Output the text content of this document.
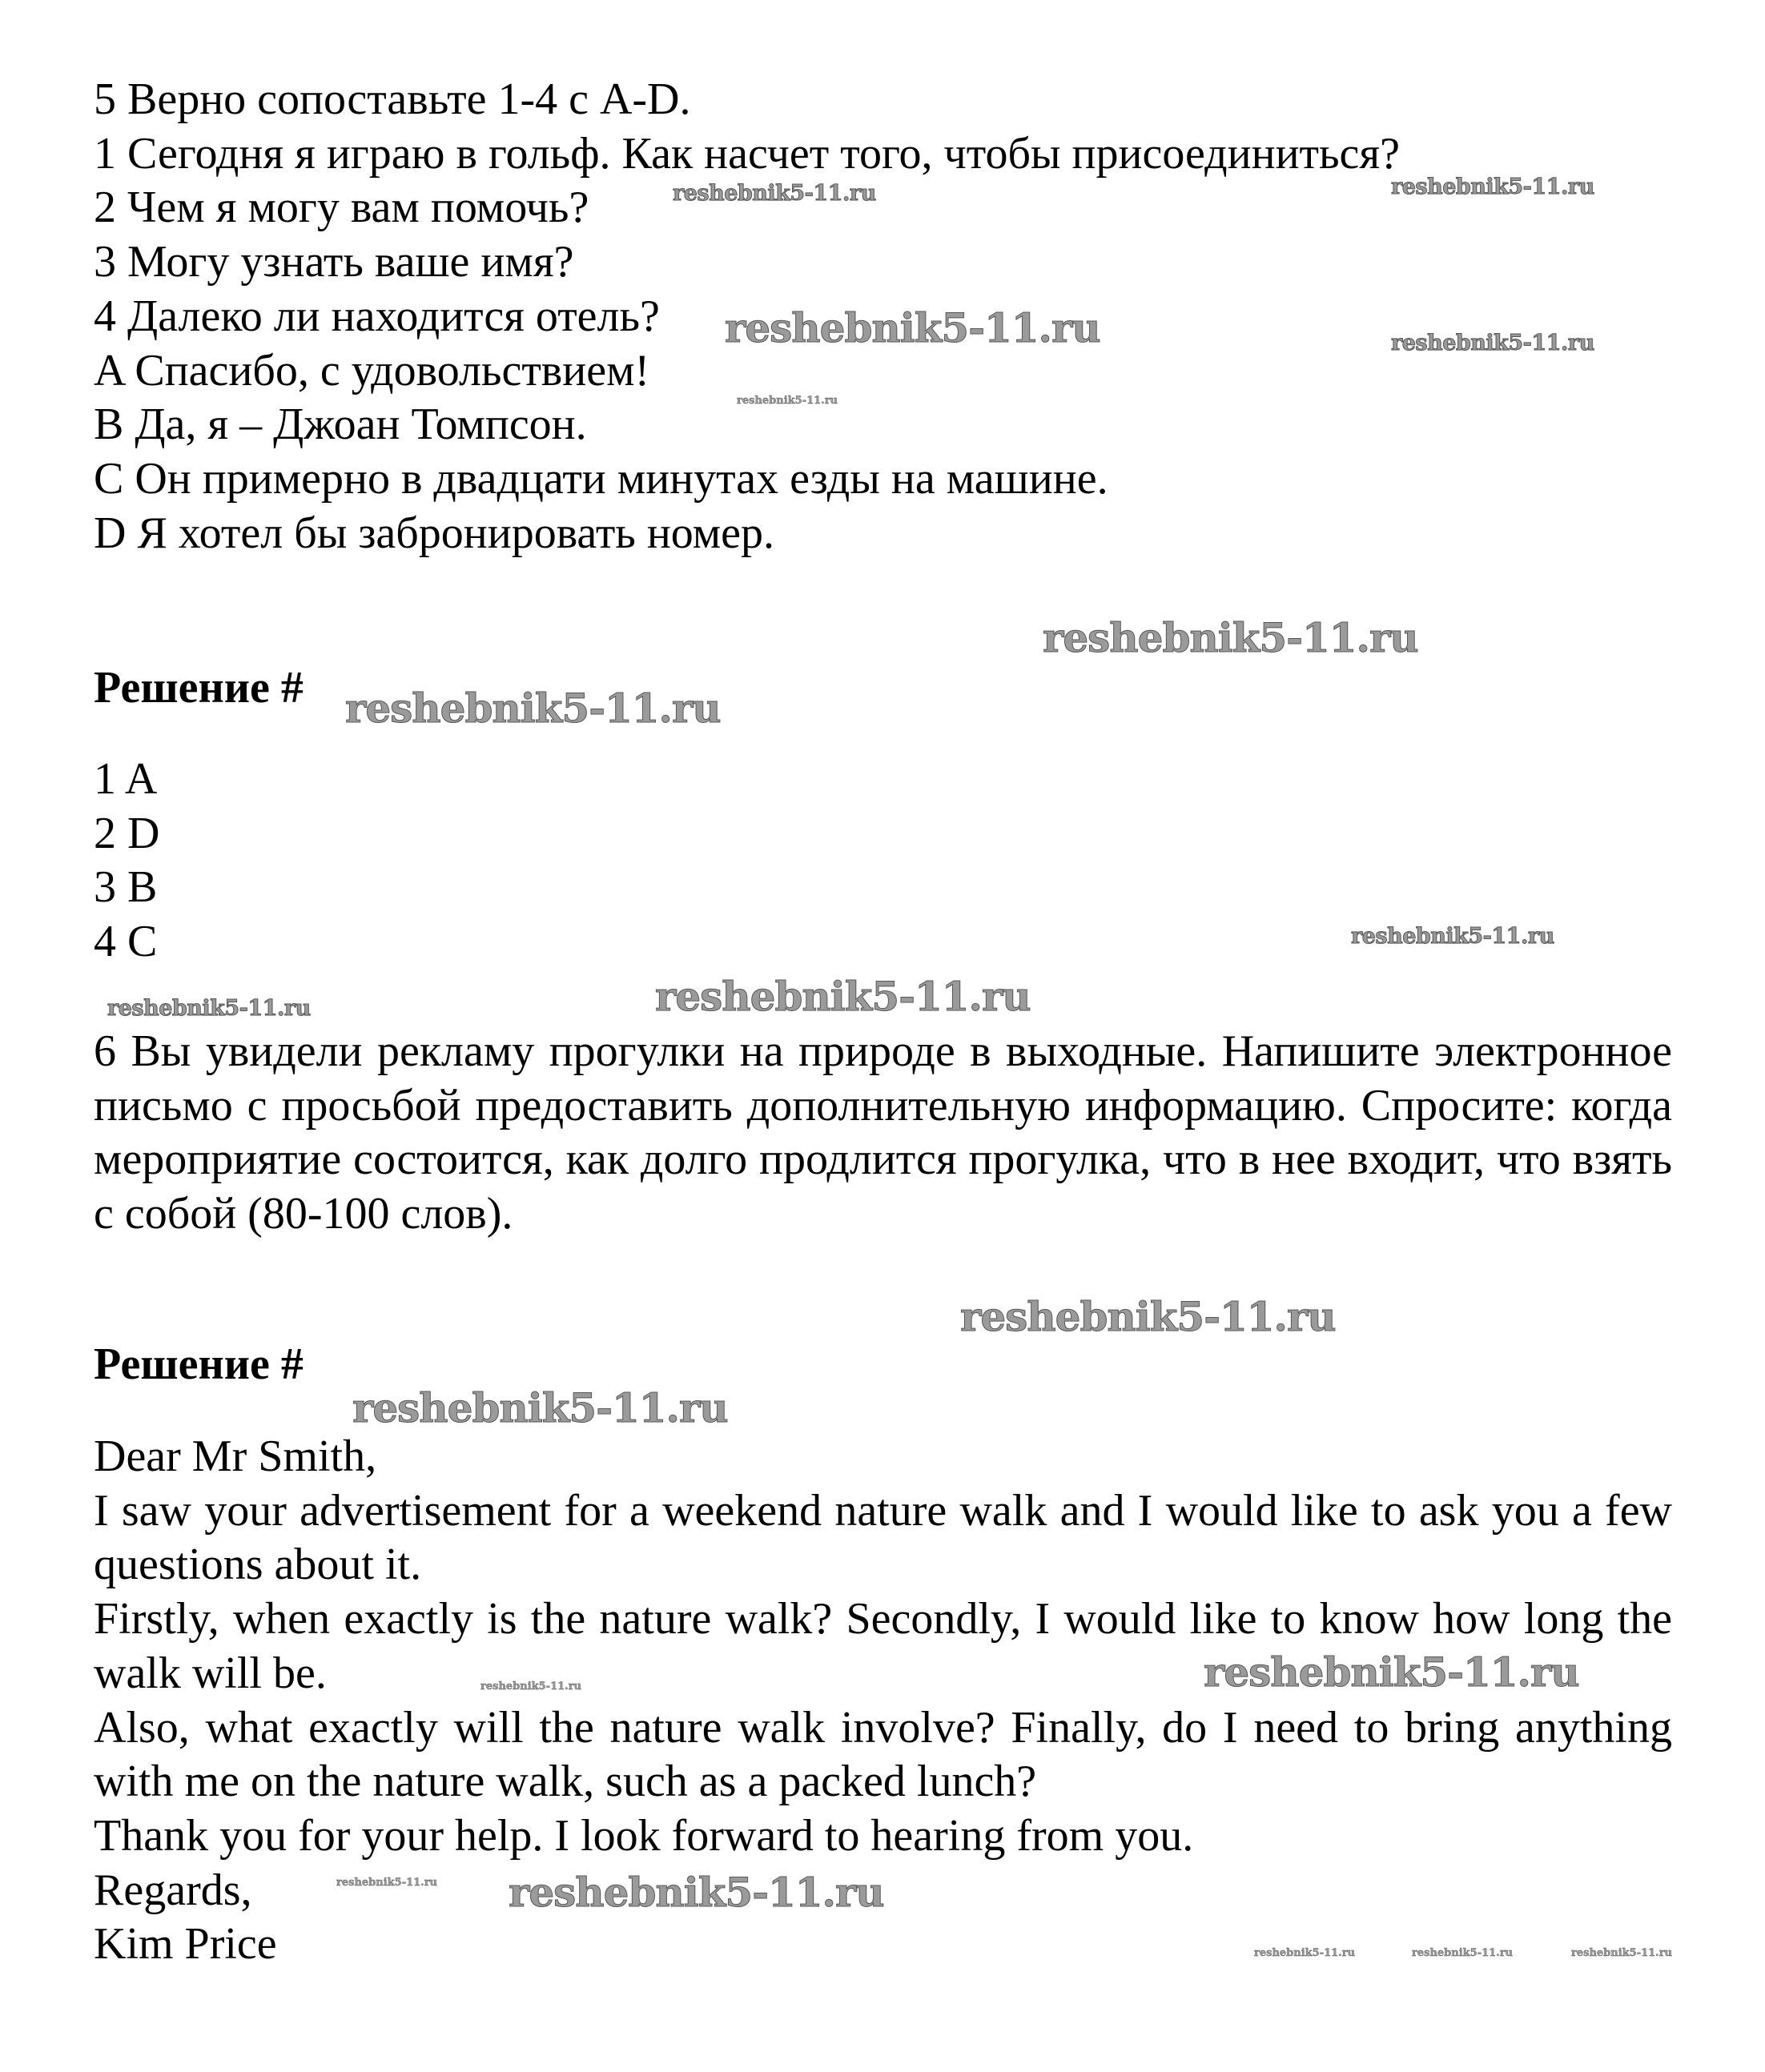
5 Верно сопоставьте 1-4 с A-D.
1 Сегодня я играю в гольф. Как насчет того, чтобы присоединиться?
2 Чем я могу вам помочь?
3 Могу узнать ваше имя?
4 Далеко ли находится отель?
A Спасибо, с удовольствием!
B Да, я – Джоан Томпсон.
C Он примерно в двадцати минутах езды на машине.
D Я хотел бы забронировать номер.
Решение #
1 A
2 D
3 B
4 C
6 Вы увидели рекламу прогулки на природе в выходные. Напишите электронное письмо с просьбой предоставить дополнительную информацию. Спросите: когда мероприятие состоится, как долго продлится прогулка, что в нее входит, что взять с собой (80-100 слов).
Решение #
Dear Mr Smith,
I saw your advertisement for a weekend nature walk and I would like to ask you a few questions about it.
Firstly, when exactly is the nature walk? Secondly, I would like to know how long the walk will be.
Also, what exactly will the nature walk involve? Finally, do I need to bring anything with me on the nature walk, such as a packed lunch?
Thank you for your help. I look forward to hearing from you.
Regards,
Kim Price
reshebnik5-11.ru
reshebnik5-11.ru
reshebnik5-11.ru
reshebnik5-11.ru
reshebnik5-11.ru
reshebnik5-11.ru
reshebnik5-11.ru
reshebnik5-11.ru
reshebnik5-11.ru
reshebnik5-11.ru
reshebnik5-11.ru
reshebnik5-11.ru
reshebnik5-11.ru
reshebnik5-11.ru
reshebnik5-11.ru
reshebnik5-11.ru
reshebnik5-11.ru	reshebnik5-11.ru	reshebnik5-11.ru
